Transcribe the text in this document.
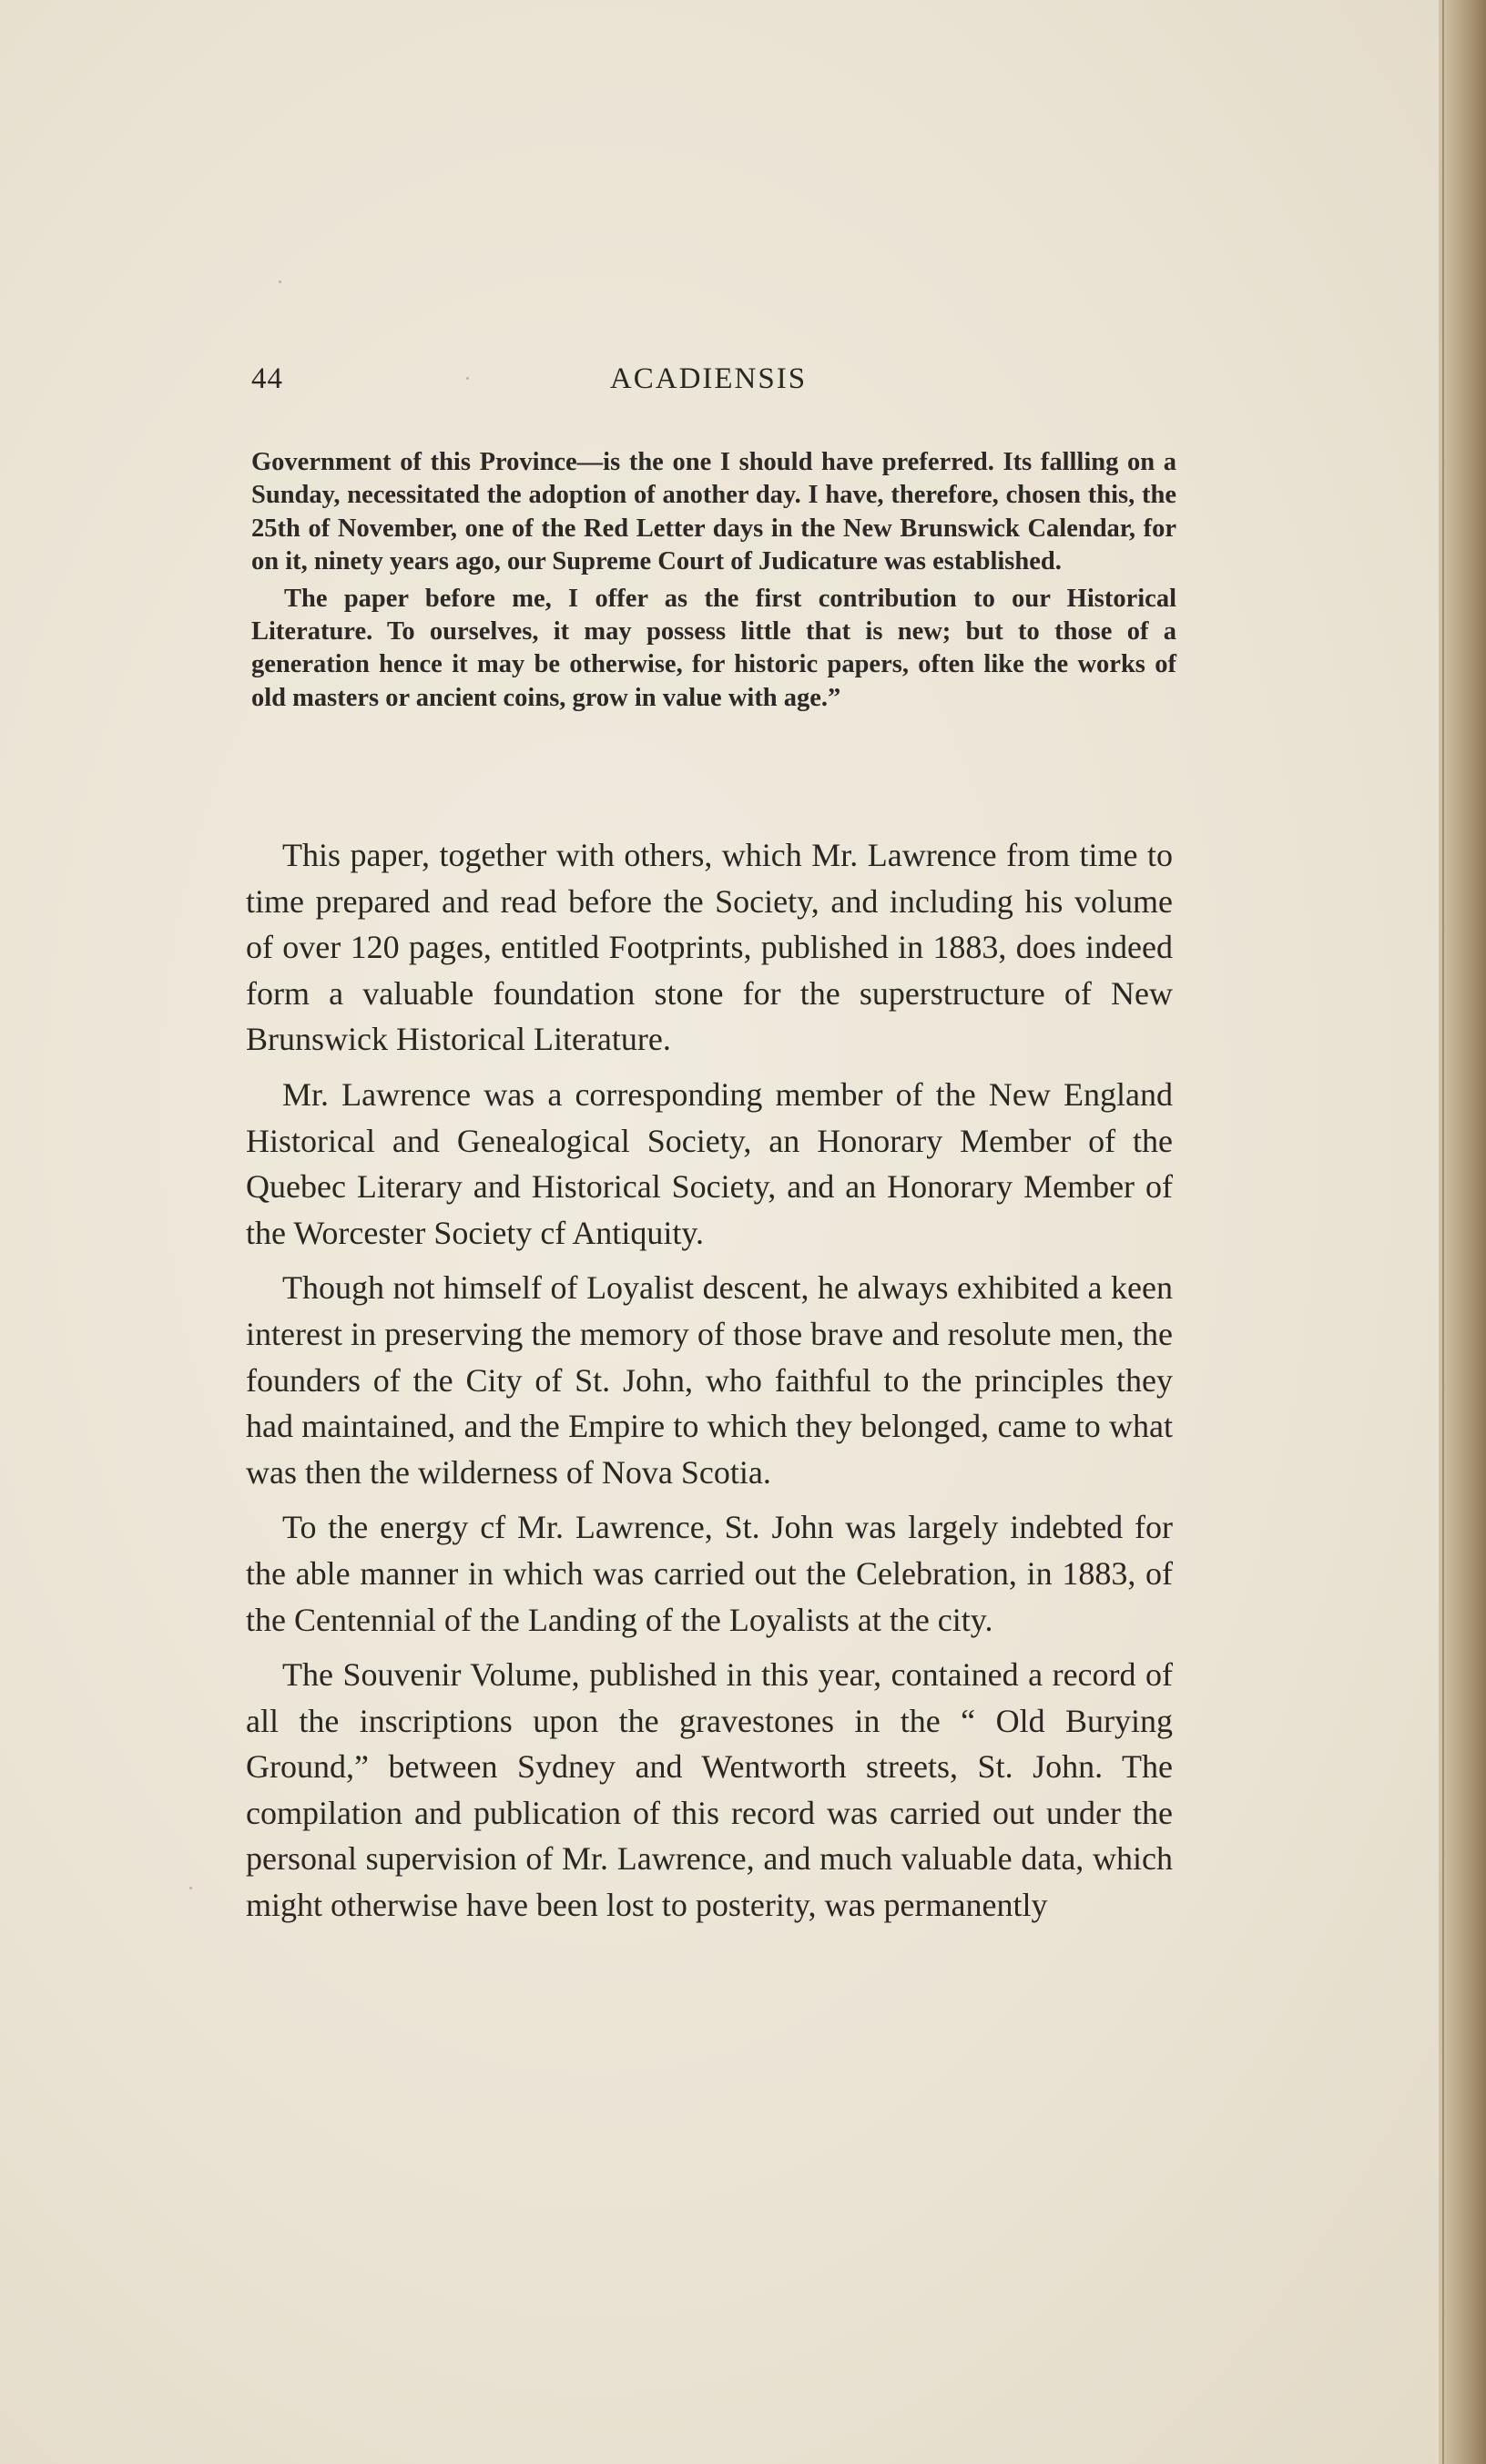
44	ACADIENSIS

Government of this Province—is the one I should have preferred. Its fallling on a Sunday, necessitated the adoption of another day. I have, therefore, chosen this, the 25th of November, one of the Red Letter days in the New Brunswick Calendar, for on it, ninety years ago, our Supreme Court of Judicature was established.

The paper before me, I offer as the first contribution to our Historical Literature. To ourselves, it may possess little that is new; but to those of a generation hence it may be otherwise, for historic papers, often like the works of old masters or ancient coins, grow in value with age.”

This paper, together with others, which Mr. Lawrence from time to time prepared and read before the Society, and including his volume of over 120 pages, entitled Footprints, published in 1883, does indeed form a valuable foundation stone for the superstructure of New Brunswick Historical Literature.

Mr. Lawrence was a corresponding member of the New England Historical and Genealogical Society, an Honorary Member of the Quebec Literary and Historical Society, and an Honorary Member of the Worcester Society cf Antiquity.

Though not himself of Loyalist descent, he always exhibited a keen interest in preserving the memory of those brave and resolute men, the founders of the City of St. John, who faithful to the principles they had maintained, and the Empire to which they belonged, came to what was then the wilderness of Nova Scotia.

To the energy cf Mr. Lawrence, St. John was largely indebted for the able manner in which was carried out the Celebration, in 1883, of the Centennial of the Landing of the Loyalists at the city.

The Souvenir Volume, published in this year, contained a record of all the inscriptions upon the gravestones in the “ Old Burying Ground,” between Sydney and Wentworth streets, St. John. The compilation and publication of this record was carried out under the personal supervision of Mr. Lawrence, and much valuable data, which might otherwise have been lost to posterity, was permanently
